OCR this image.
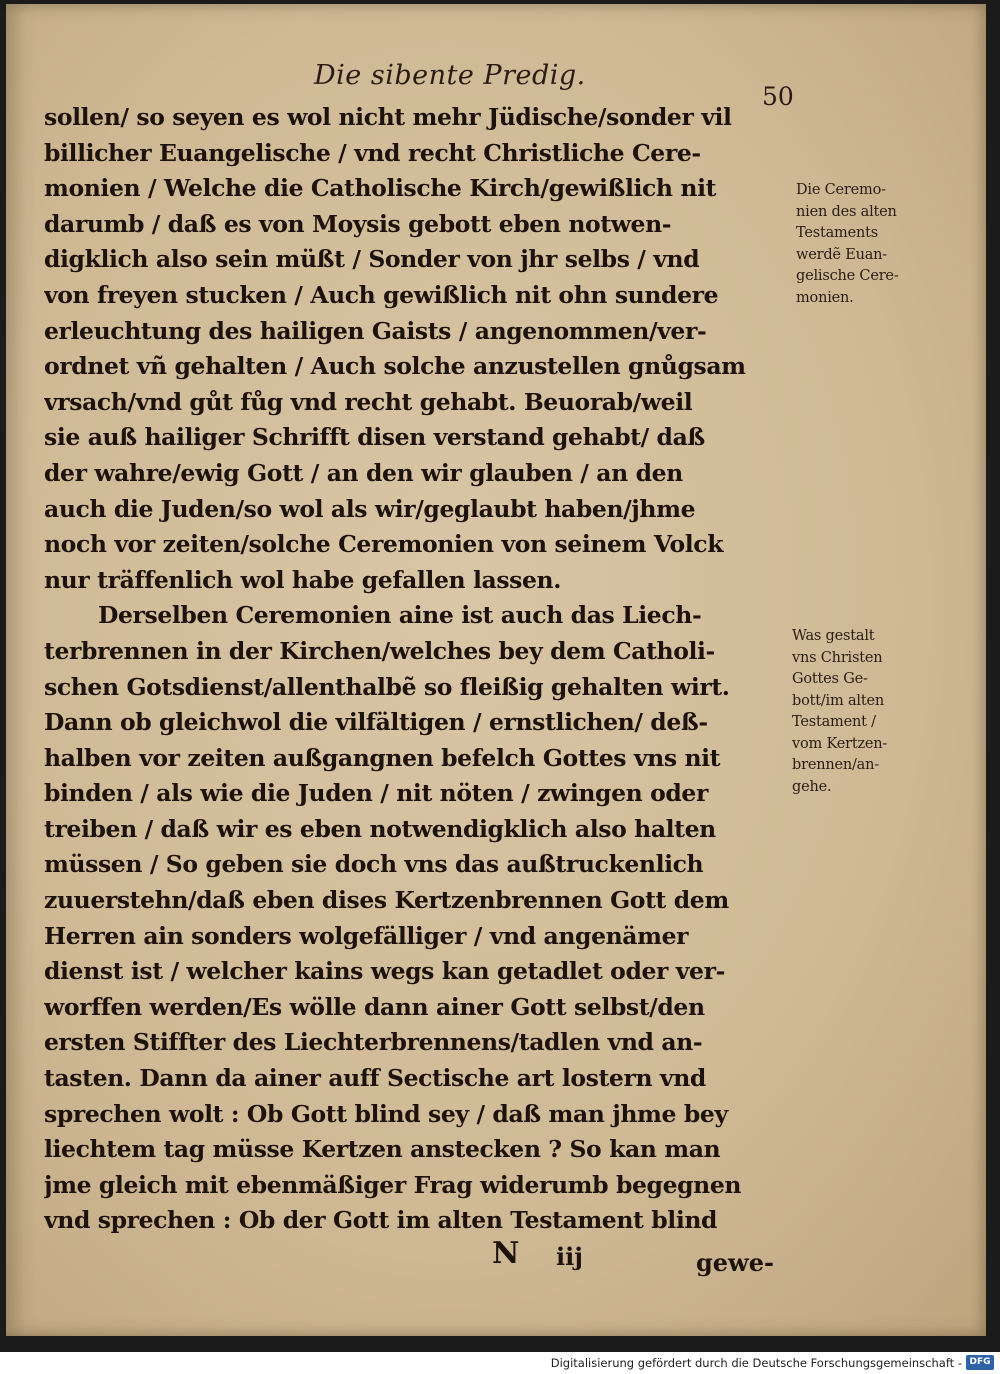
Die sibente Predig.
50
sollen/ so seyen es wol nicht mehr Jüdische/sonder vil
billicher Euangelische / vnd recht Christliche Cere-
monien / Welche die Catholische Kirch/gewißlich nit
darumb / daß es von Moysis gebott eben notwen-
digklich also sein müßt / Sonder von jhr selbs / vnd
von freyen stucken / Auch gewißlich nit ohn sundere
erleuchtung des hailigen Gaists / angenommen/ver-
ordnet vñ gehalten / Auch solche anzustellen gnůgsam
vrsach/vnd gůt fůg vnd recht gehabt. Beuorab/weil
sie auß hailiger Schrifft disen verstand gehabt/ daß
der wahre/ewig Gott / an den wir glauben / an den
auch die Juden/so wol als wir/geglaubt haben/jhme
noch vor zeiten/solche Ceremonien von seinem Volck
nur träffenlich wol habe gefallen lassen.
Derselben Ceremonien aine ist auch das Liech-
terbrennen in der Kirchen/welches bey dem Catholi-
schen Gotsdienst/allenthalbẽ so fleißig gehalten wirt.
Dann ob gleichwol die vilfältigen / ernstlichen/ deß-
halben vor zeiten außgangnen befelch Gottes vns nit
binden / als wie die Juden / nit nöten / zwingen oder
treiben / daß wir es eben notwendigklich also halten
müssen / So geben sie doch vns das außtruckenlich
zuuerstehn/daß eben dises Kertzenbrennen Gott dem
Herren ain sonders wolgefälliger / vnd angenämer
dienst ist / welcher kains wegs kan getadlet oder ver-
worffen werden/Es wölle dann ainer Gott selbst/den
ersten Stiffter des Liechterbrennens/tadlen vnd an-
tasten. Dann da ainer auff Sectische art lostern vnd
sprechen wolt : Ob Gott blind sey / daß man jhme bey
liechtem tag müsse Kertzen anstecken ? So kan man
jme gleich mit ebenmäßiger Frag widerumb begegnen
vnd sprechen : Ob der Gott im alten Testament blind
Die Ceremo-
nien des alten
Testaments
werdẽ Euan-
gelische Cere-
monien.
Was gestalt
vns Christen
Gottes Ge-
bott/im alten
Testament /
vom Kertzen-
brennen/an-
gehe.
N iij	gewe-
Digitalisierung gefördert durch die Deutsche Forschungsgemeinschaft - DFG
